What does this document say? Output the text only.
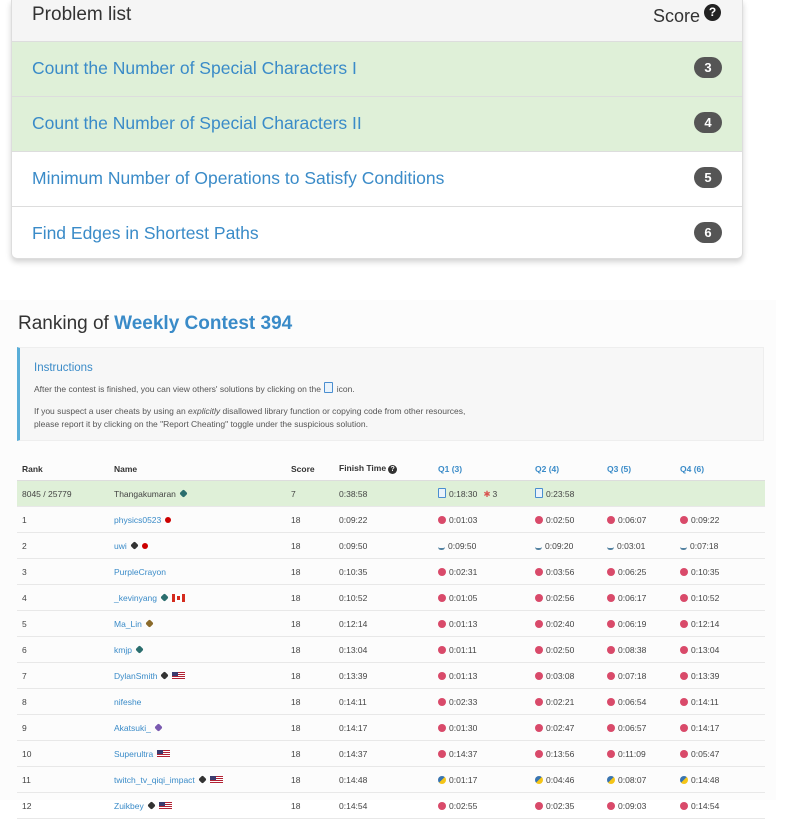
Problem list	Score ?
Count the Number of Special Characters I	3
Count the Number of Special Characters II	4
Minimum Number of Operations to Satisfy Conditions	5
Find Edges in Shortest Paths	6
Ranking of Weekly Contest 394
Instructions
After the contest is finished, you can view others' solutions by clicking on the icon.
If you suspect a user cheats by using an explicitly disallowed library function or copying code from other resources,
please report it by clicking on the "Report Cheating" toggle under the suspicious solution.
Rank	Name	Score	Finish Time ?	Q1 (3)	Q2 (4)	Q3 (5)	Q4 (6)
8045 / 25779	Thangakumaran	7	0:38:58	0:18:30 ✱ 3	0:23:58		
1	physics0523	18	0:09:22	0:01:03	0:02:50	0:06:07	0:09:22
2	uwi	18	0:09:50	0:09:50	0:09:20	0:03:01	0:07:18
3	PurpleCrayon	18	0:10:35	0:02:31	0:03:56	0:06:25	0:10:35
4	_kevinyang	18	0:10:52	0:01:05	0:02:56	0:06:17	0:10:52
5	Ma_Lin	18	0:12:14	0:01:13	0:02:40	0:06:19	0:12:14
6	kmjp	18	0:13:04	0:01:11	0:02:50	0:08:38	0:13:04
7	DylanSmith	18	0:13:39	0:01:13	0:03:08	0:07:18	0:13:39
8	nifeshe	18	0:14:11	0:02:33	0:02:21	0:06:54	0:14:11
9	Akatsuki_	18	0:14:17	0:01:30	0:02:47	0:06:57	0:14:17
10	Superultra	18	0:14:37	0:14:37	0:13:56	0:11:09	0:05:47
11	twitch_tv_qiqi_impact	18	0:14:48	0:01:17	0:04:46	0:08:07	0:14:48
12	Zuikbey	18	0:14:54	0:02:55	0:02:35	0:09:03	0:14:54
